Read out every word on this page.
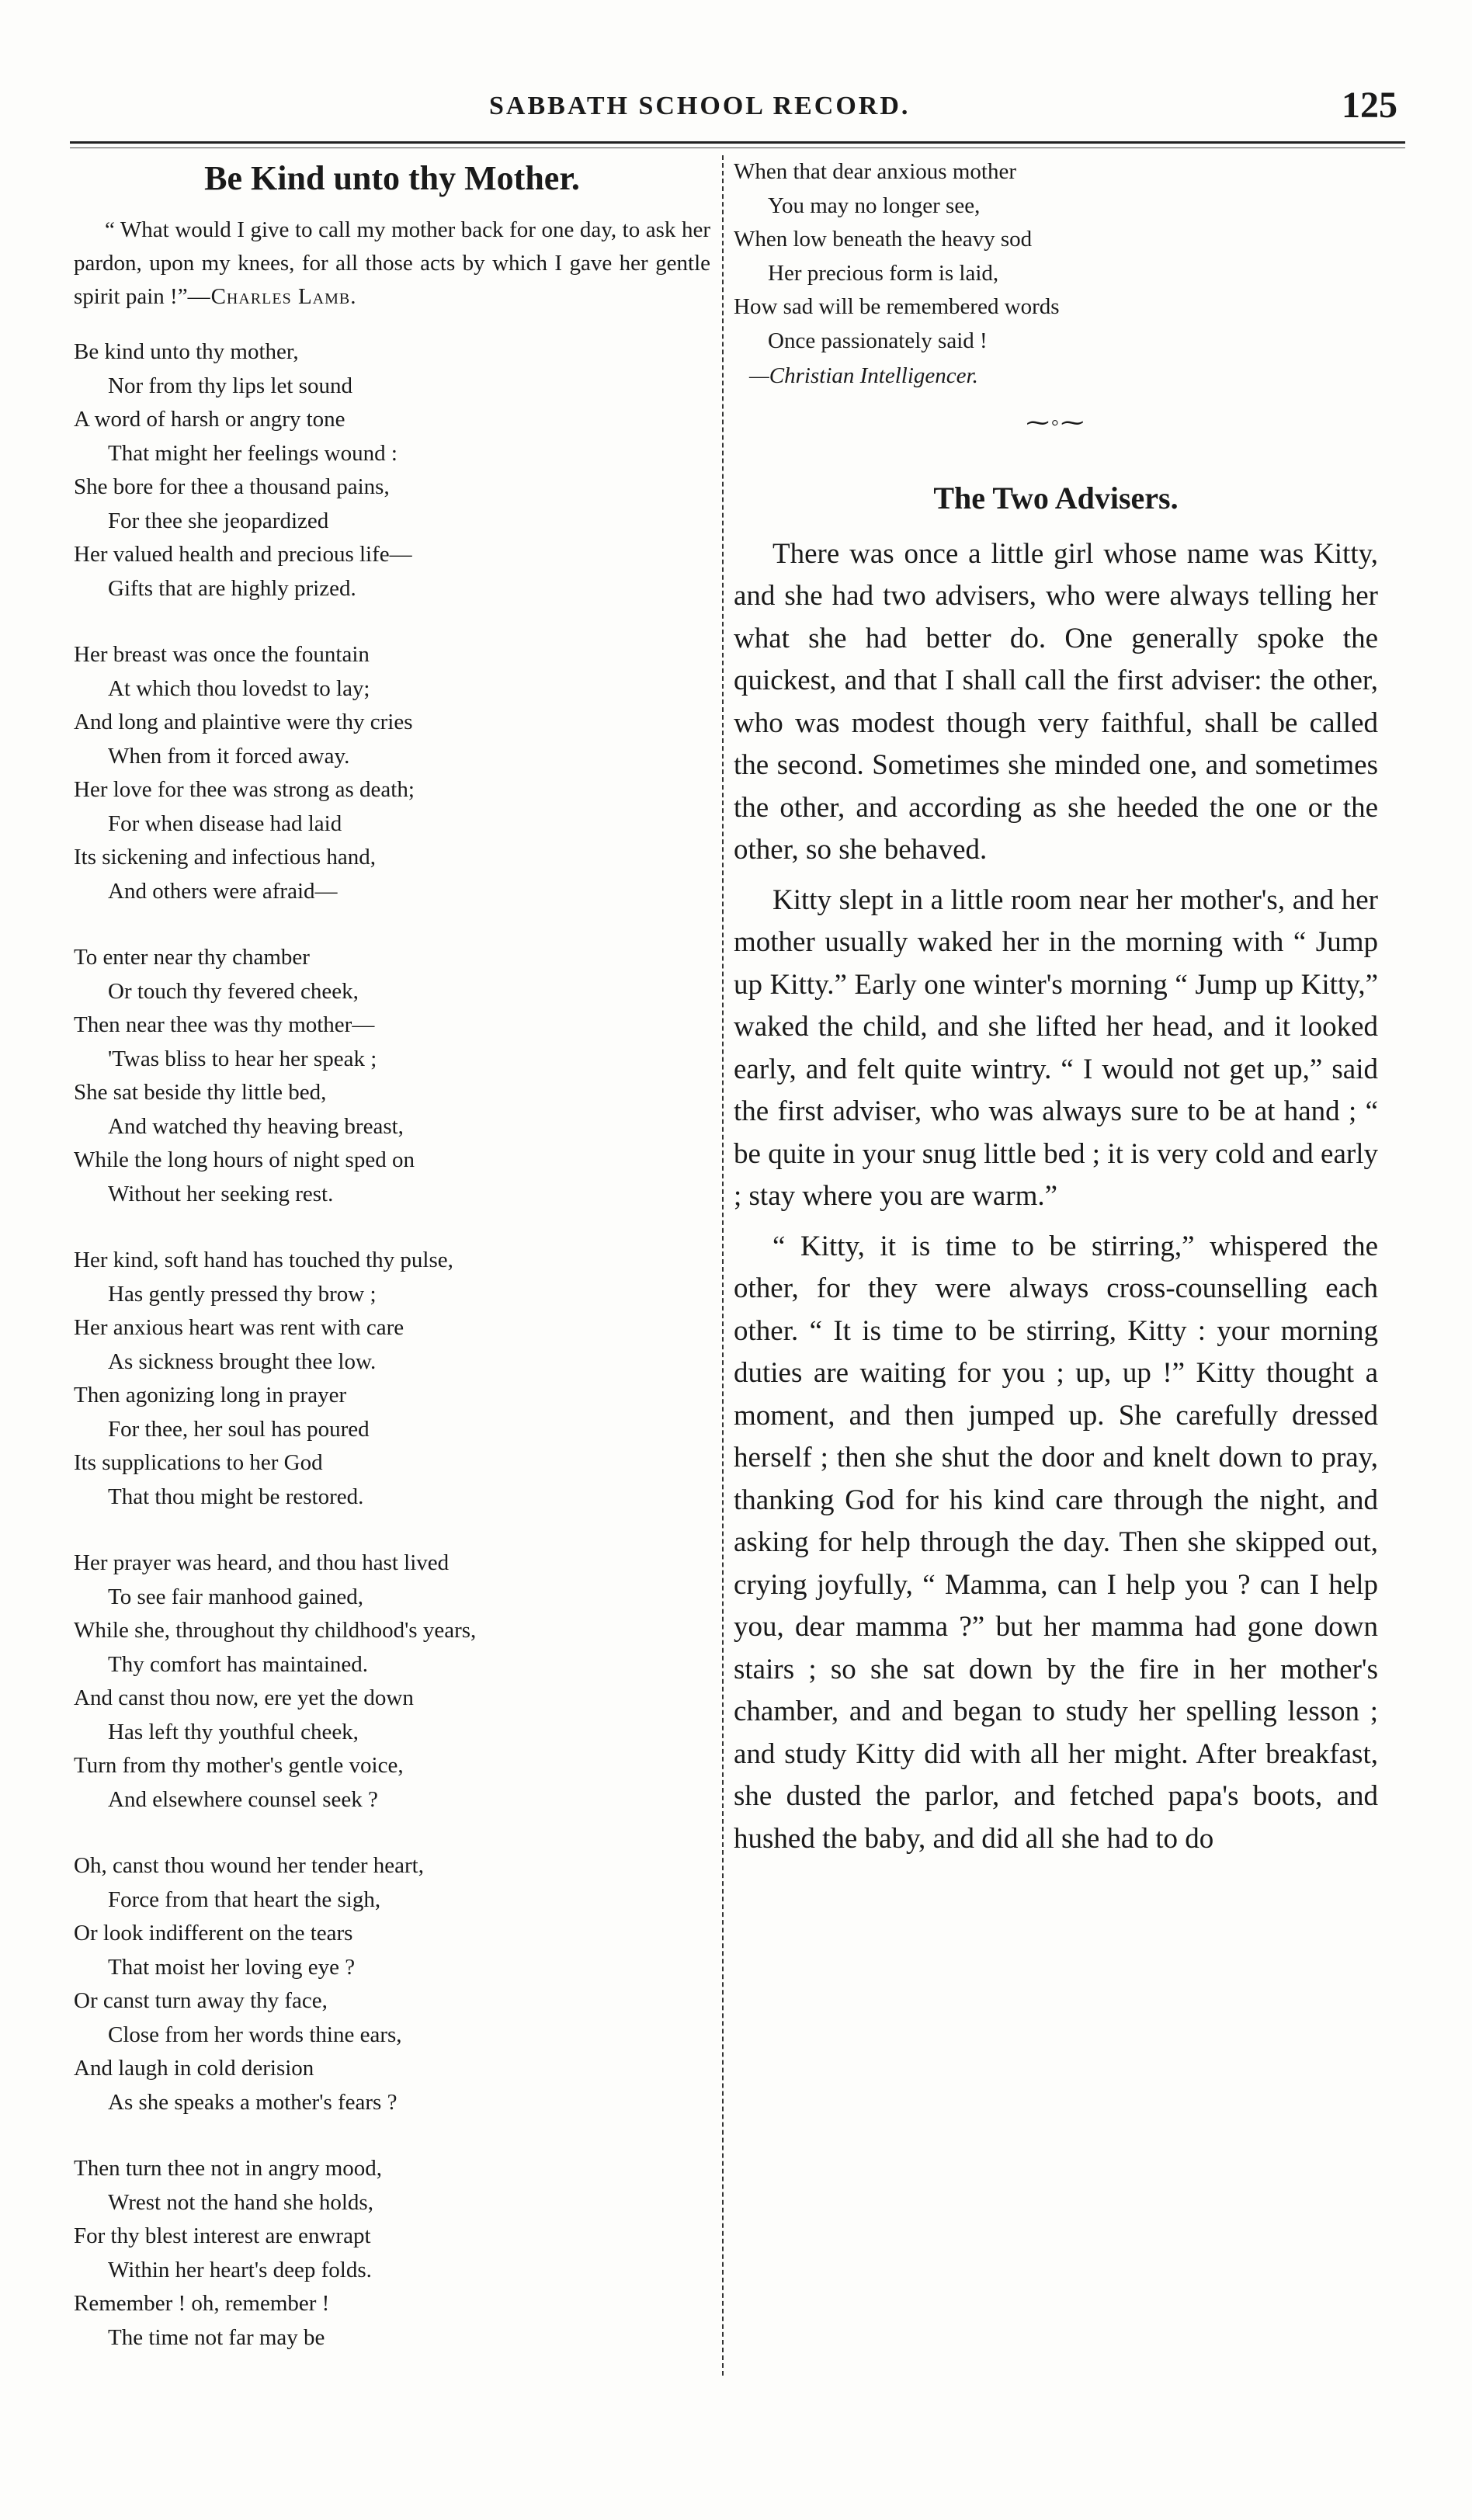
SABBATH SCHOOL RECORD.	125
Be Kind unto thy Mother.
“ What would I give to call my mother back for one day, to ask her pardon, upon my knees, for all those acts by which I gave her gentle spirit pain !”—Charles Lamb.
Be kind unto thy mother,
Nor from thy lips let sound
A word of harsh or angry tone
That might her feelings wound :
She bore for thee a thousand pains,
For thee she jeopardized
Her valued health and precious life—
Gifts that are highly prized.
Her breast was once the fountain
At which thou lovedst to lay;
And long and plaintive were thy cries
When from it forced away.
Her love for thee was strong as death;
For when disease had laid
Its sickening and infectious hand,
And others were afraid—
To enter near thy chamber
Or touch thy fevered cheek,
Then near thee was thy mother—
'Twas bliss to hear her speak ;
She sat beside thy little bed,
And watched thy heaving breast,
While the long hours of night sped on
Without her seeking rest.
Her kind, soft hand has touched thy pulse,
Has gently pressed thy brow ;
Her anxious heart was rent with care
As sickness brought thee low.
Then agonizing long in prayer
For thee, her soul has poured
Its supplications to her God
That thou might be restored.
Her prayer was heard, and thou hast lived
To see fair manhood gained,
While she, throughout thy childhood's years,
Thy comfort has maintained.
And canst thou now, ere yet the down
Has left thy youthful cheek,
Turn from thy mother's gentle voice,
And elsewhere counsel seek ?
Oh, canst thou wound her tender heart,
Force from that heart the sigh,
Or look indifferent on the tears
That moist her loving eye ?
Or canst turn away thy face,
Close from her words thine ears,
And laugh in cold derision
As she speaks a mother's fears ?
Then turn thee not in angry mood,
Wrest not the hand she holds,
For thy blest interest are enwrapt
Within her heart's deep folds.
Remember ! oh, remember !
The time not far may be
When that dear anxious mother
You may no longer see,
When low beneath the heavy sod
Her precious form is laid,
How sad will be remembered words
Once passionately said !
—Christian Intelligencer.
⁓◦⁓
The Two Advisers.

There was once a little girl whose name was Kitty, and she had two advisers, who were always telling her what she had better do. One generally spoke the quickest, and that I shall call the first adviser: the other, who was modest though very faithful, shall be called the second. Sometimes she minded one, and sometimes the other, and according as she heeded the one or the other, so she behaved.

Kitty slept in a little room near her mother's, and her mother usually waked her in the morning with “ Jump up Kitty.” Early one winter's morning “ Jump up Kitty,” waked the child, and she lifted her head, and it looked early, and felt quite wintry. “ I would not get up,” said the first adviser, who was always sure to be at hand ; “ be quite in your snug little bed ; it is very cold and early ; stay where you are warm.”

“ Kitty, it is time to be stirring,” whispered the other, for they were always cross-counselling each other. “ It is time to be stirring, Kitty : your morning duties are waiting for you ; up, up !” Kitty thought a moment, and then jumped up. She carefully dressed herself ; then she shut the door and knelt down to pray, thanking God for his kind care through the night, and asking for help through the day. Then she skipped out, crying joyfully, “ Mamma, can I help you ? can I help you, dear mamma ?” but her mamma had gone down stairs ; so she sat down by the fire in her mother's chamber, and and began to study her spelling lesson ; and study Kitty did with all her might. After breakfast, she dusted the parlor, and fetched papa's boots, and hushed the baby, and did all she had to do
